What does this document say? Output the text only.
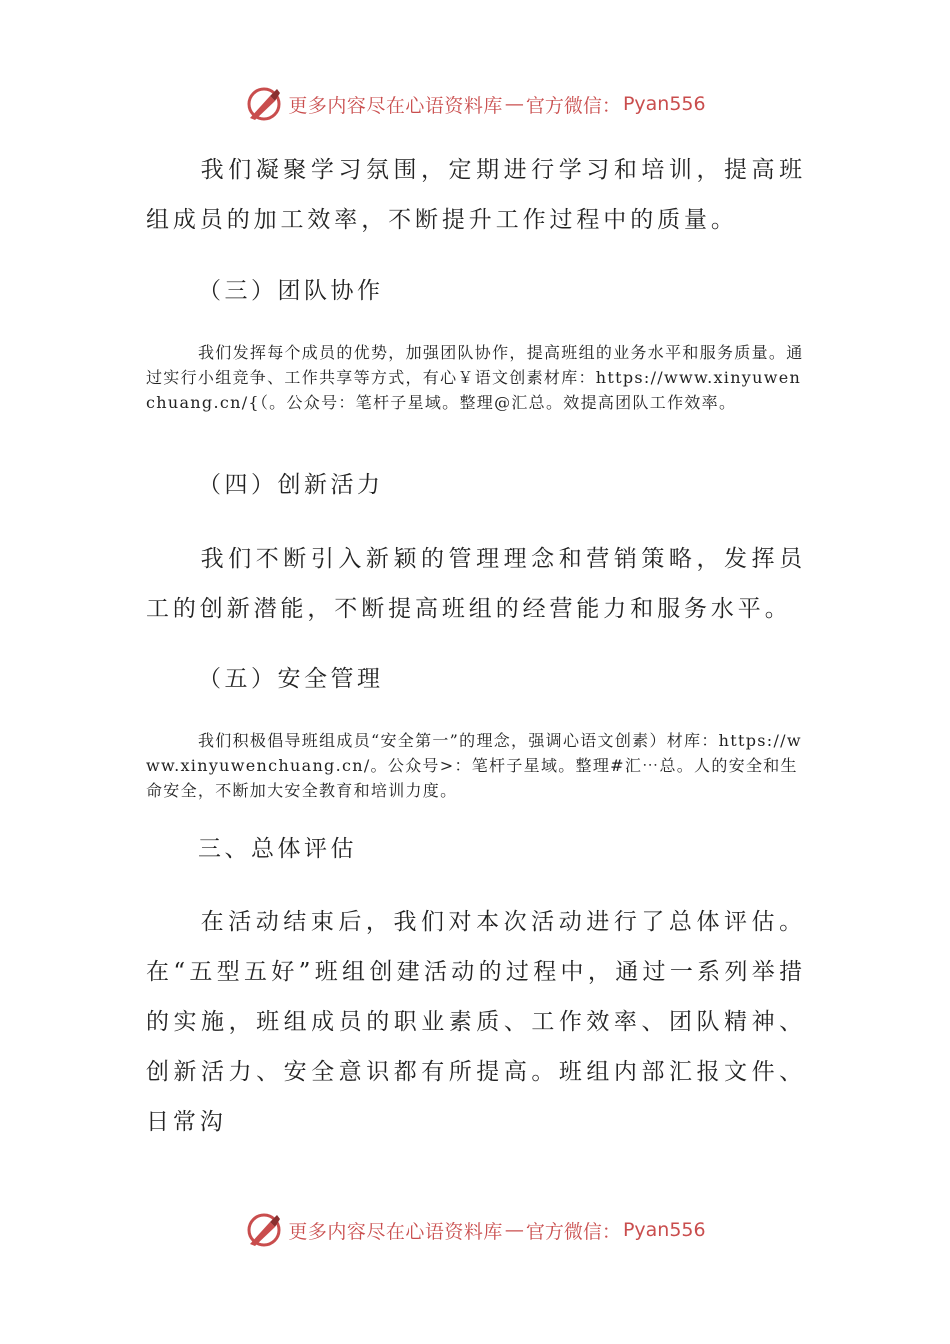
更多内容尽在心语资料库 — 官方微信： Pyan556

我们凝聚学习氛围，定期进行学习和培训，提高班组成员的加工效率，不断提升工作过程中的质量。

（三）团队协作

我们发挥每个成员的优势，加强团队协作，提高班组的业务水平和服务质量。通过实行小组竞争、工作共享等方式，有心￥语文创素材库：https://www.xinyuwenchuang.cn/{（。公众号：笔杆子星域。整理@汇总。效提高团队工作效率。

（四）创新活力

我们不断引入新颖的管理理念和营销策略，发挥员工的创新潜能，不断提高班组的经营能力和服务水平。

（五）安全管理

我们积极倡导班组成员“安全第一”的理念，强调心语文创素）材库：https://www.xinyuwenchuang.cn/。公众号>：笔杆子星域。整理#汇⋯总。人的安全和生命安全，不断加大安全教育和培训力度。

三、总体评估

在活动结束后，我们对本次活动进行了总体评估。在“五型五好”班组创建活动的过程中，通过一系列举措的实施，班组成员的职业素质、工作效率、团队精神、创新活力、安全意识都有所提高。班组内部汇报文件、日常沟

更多内容尽在心语资料库 — 官方微信： Pyan556
